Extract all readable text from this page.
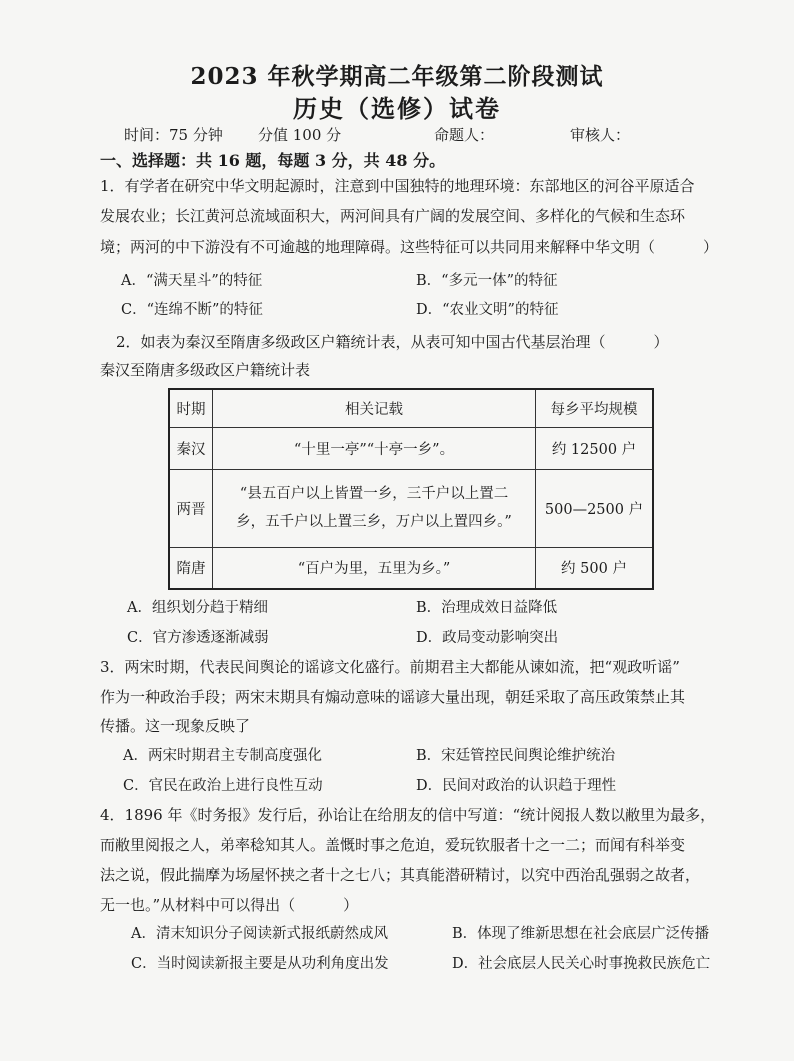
2023 年秋学期高二年级第二阶段测试
历史（选修）试卷
时间：75 分钟 分值 100 分	命题人：	审核人：
一、选择题：共 16 题，每题 3 分，共 48 分。
1．有学者在研究中华文明起源时，注意到中国独特的地理环境：东部地区的河谷平原适合
发展农业；长江黄河总流域面积大，两河间具有广阔的发展空间、多样化的气候和生态环
境；两河的中下游没有不可逾越的地理障碍。这些特征可以共同用来解释中华文明（	）
A．“满天星斗”的特征	B．“多元一体”的特征
C．“连绵不断”的特征	D．“农业文明”的特征
2．如表为秦汉至隋唐多级政区户籍统计表，从表可知中国古代基层治理（	）
秦汉至隋唐多级政区户籍统计表
时期	相关记载	每乡平均规模
秦汉	“十里一亭”“十亭一乡”。	约 12500 户
两晋	“县五百户以上皆置一乡，三千户以上置二
乡，五千户以上置三乡，万户以上置四乡。”	500—2500 户
隋唐	“百户为里，五里为乡。”	约 500 户
A．组织划分趋于精细	B．治理成效日益降低
C．官方渗透逐渐减弱	D．政局变动影响突出
3．两宋时期，代表民间舆论的谣谚文化盛行。前期君主大都能从谏如流，把“观政听谣”
作为一种政治手段；两宋末期具有煽动意味的谣谚大量出现，朝廷采取了高压政策禁止其
传播。这一现象反映了
A．两宋时期君主专制高度强化	B．宋廷管控民间舆论维护统治
C．官民在政治上进行良性互动	D．民间对政治的认识趋于理性
4．1896 年《时务报》发行后，孙诒让在给朋友的信中写道：“统计阅报人数以敝里为最多，
而敝里阅报之人，弟率稔知其人。盖慨时事之危迫，爱玩钦服者十之一二；而闻有科举变
法之说，假此揣摩为场屋怀挟之者十之七八；其真能潜研精讨，以究中西治乱强弱之故者，
无一也。”从材料中可以得出（	）
A．清末知识分子阅读新式报纸蔚然成风	B．体现了维新思想在社会底层广泛传播
C．当时阅读新报主要是从功利角度出发	D．社会底层人民关心时事挽救民族危亡
